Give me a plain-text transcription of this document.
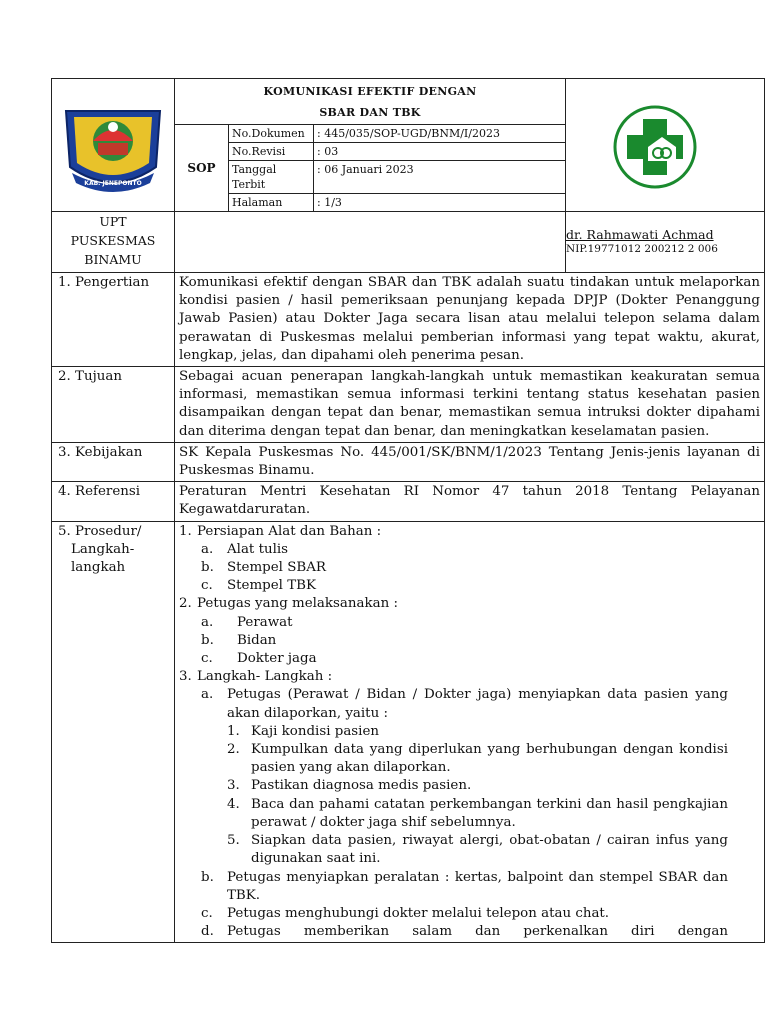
KAB. JENEPONTO

KOMUNIKASI EFEKTIF DENGAN
SBAR DAN TBK

SOP	
No.Dokumen	: 445/035/SOP-UGD/BNM/I/2023
No.Revisi	: 03
Tanggal Terbit	: 06 Januari 2023
Halaman	: 1/3

UPT
PUSKESMAS
BINAMU

dr. Rahmawati Achmad
NIP.19771012 200212 2 006

1. Pengertian	Komunikasi efektif dengan SBAR dan TBK adalah suatu tindakan untuk melaporkan kondisi pasien / hasil pemeriksaan penunjang kepada DPJP (Dokter Penanggung Jawab Pasien) atau Dokter Jaga secara lisan atau melalui telepon selama dalam perawatan di Puskesmas melalui pemberian informasi yang tepat waktu, akurat, lengkap, jelas, dan dipahami oleh penerima pesan.
2. Tujuan	Sebagai acuan penerapan langkah-langkah untuk memastikan keakuratan semua informasi, memastikan semua informasi terkini tentang status kesehatan pasien disampaikan dengan tepat dan benar, memastikan semua intruksi dokter dipahami dan diterima dengan tepat dan benar, dan meningkatkan keselamatan pasien.
3. Kebijakan	SK Kepala Puskesmas No. 445/001/SK/BNM/1/2023 Tentang Jenis-jenis layanan di Puskesmas Binamu.
4. Referensi	Peraturan Mentri Kesehatan RI Nomor 47 tahun 2018 Tentang Pelayanan Kegawatdaruratan.

5. Prosedur/
Langkah-
langkah

1. Persiapan Alat dan Bahan :
a.	Alat tulis
b. Stempel SBAR
c.	Stempel TBK
2. Petugas yang melaksanakan :
a.	Perawat
b.	Bidan
c.	Dokter jaga
3. Langkah- Langkah :
a.	Petugas (Perawat / Bidan / Dokter jaga) menyiapkan data pasien yang akan dilaporkan, yaitu :
1. Kaji kondisi pasien
2. Kumpulkan data yang diperlukan yang berhubungan dengan kondisi pasien yang akan dilaporkan.
3. Pastikan diagnosa medis pasien.
4. Baca dan pahami catatan perkembangan terkini dan hasil pengkajian perawat / dokter jaga shif sebelumnya.
5. Siapkan data pasien, riwayat alergi, obat-obatan / cairan infus yang digunakan saat ini.
b. Petugas menyiapkan peralatan : kertas, balpoint dan stempel SBAR dan TBK.
c.	Petugas menghubungi dokter melalui telepon atau chat.
d. Petugas memberikan salam dan perkenalkan diri dengan
